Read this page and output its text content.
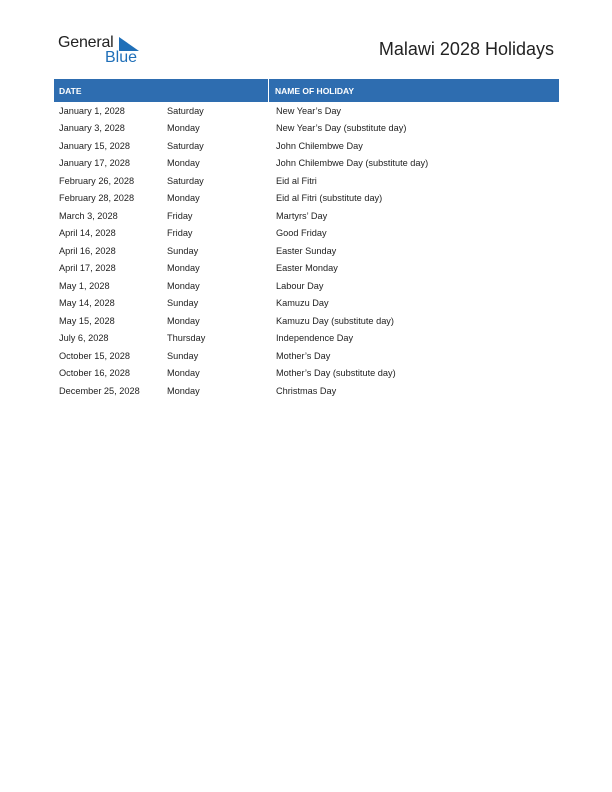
General
Blue	Malawi 2028 Holidays
DATE	NAME OF HOLIDAY
January 1, 2028	Saturday	New Year’s Day
January 3, 2028	Monday	New Year’s Day (substitute day)
January 15, 2028	Saturday	John Chilembwe Day
January 17, 2028	Monday	John Chilembwe Day (substitute day)
February 26, 2028	Saturday	Eid al Fitri
February 28, 2028	Monday	Eid al Fitri (substitute day)
March 3, 2028	Friday	Martyrs’ Day
April 14, 2028	Friday	Good Friday
April 16, 2028	Sunday	Easter Sunday
April 17, 2028	Monday	Easter Monday
May 1, 2028	Monday	Labour Day
May 14, 2028	Sunday	Kamuzu Day
May 15, 2028	Monday	Kamuzu Day (substitute day)
July 6, 2028	Thursday	Independence Day
October 15, 2028	Sunday	Mother’s Day
October 16, 2028	Monday	Mother’s Day (substitute day)
December 25, 2028	Monday	Christmas Day
